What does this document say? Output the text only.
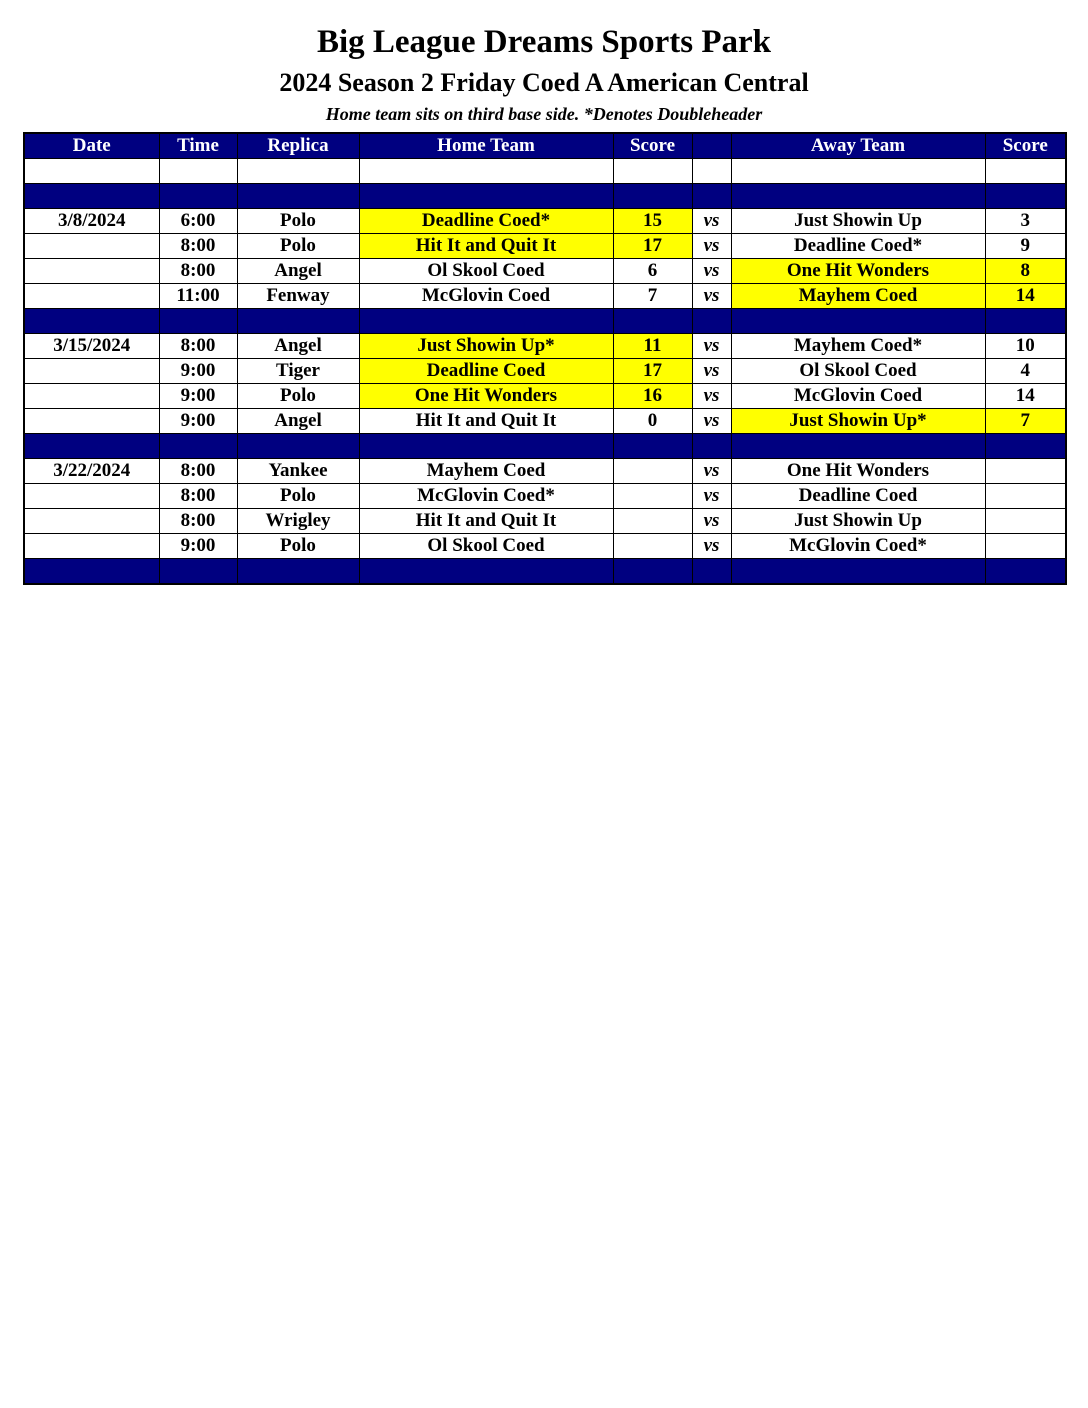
Big League Dreams Sports Park
2024 Season 2 Friday Coed A American Central
Home team sits on third base side. *Denotes Doubleheader
Date	Time	Replica	Home Team	Score		Away Team	Score

3/8/2024	6:00	Polo	Deadline Coed*	15	vs	Just Showin Up	3
	8:00	Polo	Hit It and Quit It	17	vs	Deadline Coed*	9
	8:00	Angel	Ol Skool Coed	6	vs	One Hit Wonders	8
	11:00	Fenway	McGlovin Coed	7	vs	Mayhem Coed	14

3/15/2024	8:00	Angel	Just Showin Up*	11	vs	Mayhem Coed*	10
	9:00	Tiger	Deadline Coed	17	vs	Ol Skool Coed	4
	9:00	Polo	One Hit Wonders	16	vs	McGlovin Coed	14
	9:00	Angel	Hit It and Quit It	0	vs	Just Showin Up*	7

3/22/2024	8:00	Yankee	Mayhem Coed		vs	One Hit Wonders	
	8:00	Polo	McGlovin Coed*		vs	Deadline Coed	
	8:00	Wrigley	Hit It and Quit It		vs	Just Showin Up	
	9:00	Polo	Ol Skool Coed		vs	McGlovin Coed*	
